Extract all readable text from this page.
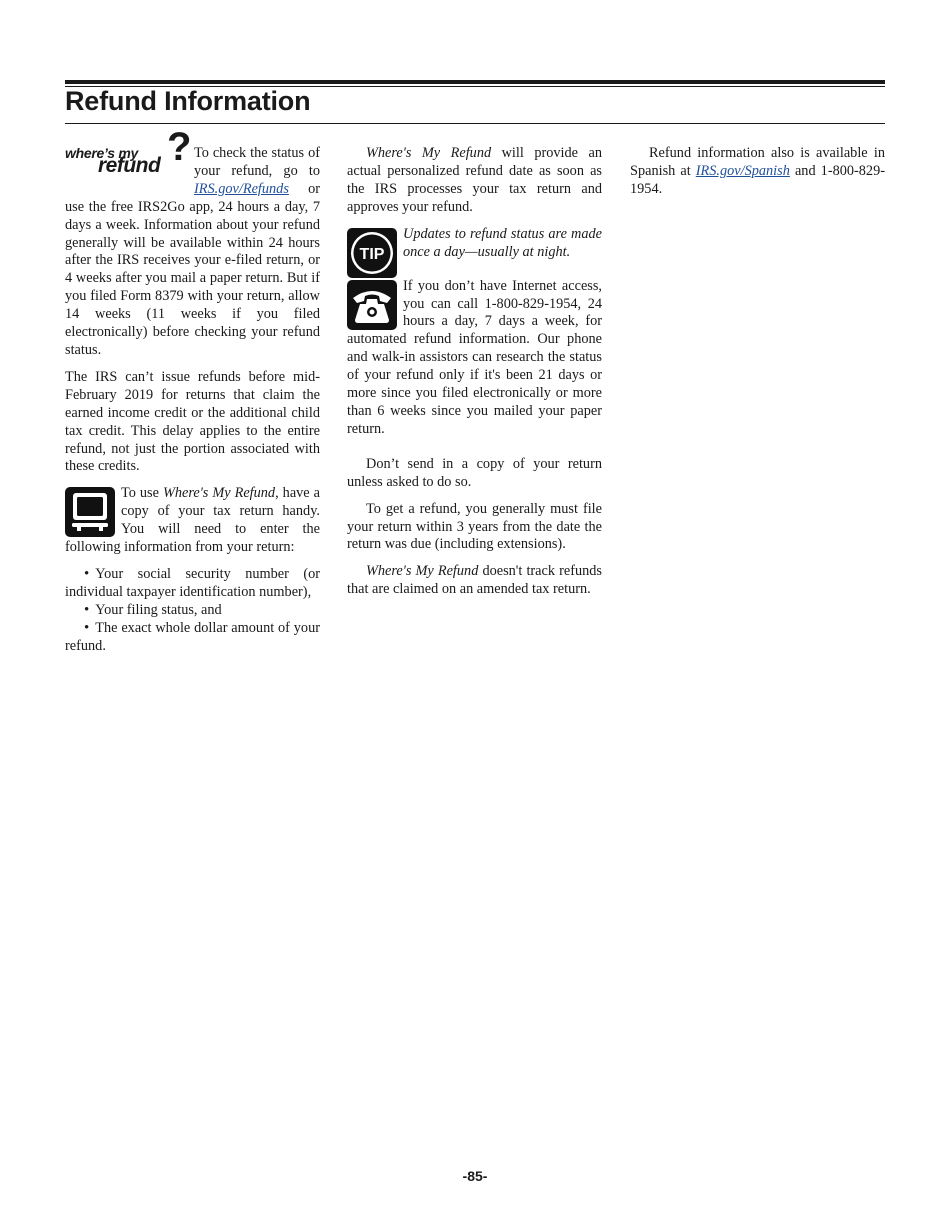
Refund Information
where’s my
refund ? To check the status of your refund, go to IRS.gov/Refunds or use the free IRS2Go app, 24 hours a day, 7 days a week. Information about your refund generally will be available within 24 hours after the IRS receives your e-filed return, or 4 weeks after you mail a paper return. But if you filed Form 8379 with your return, allow 14 weeks (11 weeks if you filed electronically) before checking your refund status.

The IRS can’t issue refunds before mid-February 2019 for returns that claim the earned income credit or the additional child tax credit. This delay applies to the entire refund, not just the portion associated with these credits.

To use Where's My Refund, have a copy of your tax return handy. You will need to enter the following information from your return:

• Your social security number (or individual taxpayer identification number),
• Your filing status, and
• The exact whole dollar amount of your refund.

Where's My Refund will provide an actual personalized refund date as soon as the IRS processes your tax return and approves your refund.

TIP

Updates to refund status are made once a day—usually at night.

If you don’t have Internet access, you can call 1-800-829-1954, 24 hours a day, 7 days a week, for automated refund information. Our phone and walk-in assistors can research the status of your refund only if it's been 21 days or more since you filed electronically or more than 6 weeks since you mailed your paper return.

Don’t send in a copy of your return unless asked to do so.

To get a refund, you generally must file your return within 3 years from the date the return was due (including extensions).

Where's My Refund doesn't track refunds that are claimed on an amended tax return.

Refund information also is available in Spanish at IRS.gov/Spanish and 1-800-829-1954.

-85-
